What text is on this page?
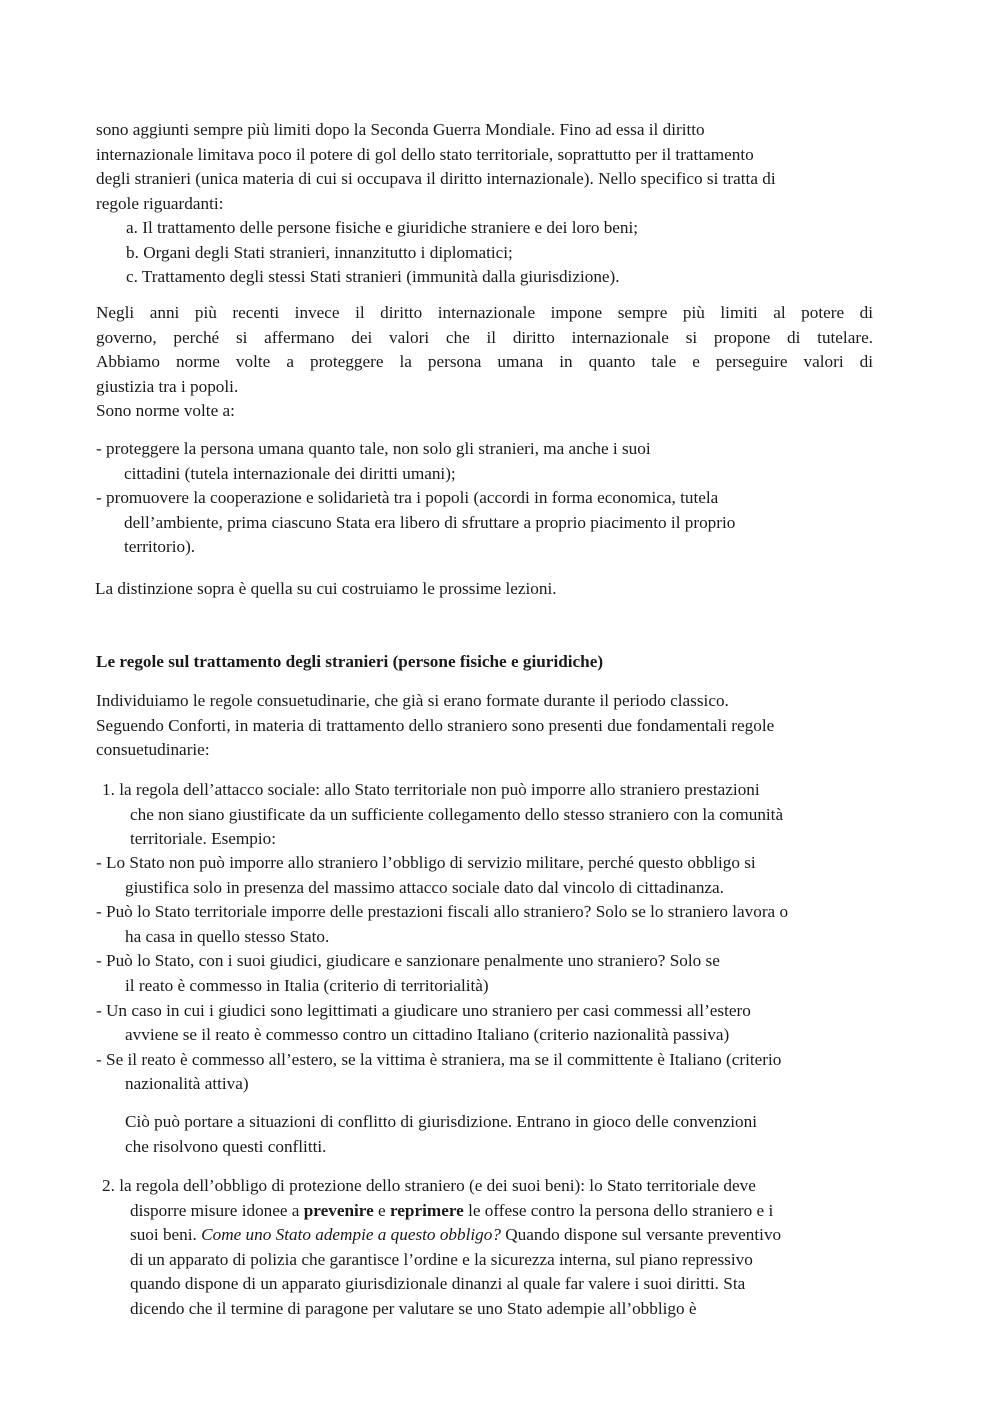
sono aggiunti sempre più limiti dopo la Seconda Guerra Mondiale. Fino ad essa il diritto
internazionale limitava poco il potere di gol dello stato territoriale, soprattutto per il trattamento
degli stranieri (unica materia di cui si occupava il diritto internazionale). Nello specifico si tratta di
regole riguardanti:
a. Il trattamento delle persone fisiche e giuridiche straniere e dei loro beni;
b. Organi degli Stati stranieri, innanzitutto i diplomatici;
c. Trattamento degli stessi Stati stranieri (immunità dalla giurisdizione).
Negli anni più recenti invece il diritto internazionale impone sempre più limiti al potere di
governo, perché si affermano dei valori che il diritto internazionale si propone di tutelare.
Abbiamo norme volte a proteggere la persona umana in quanto tale e perseguire valori di
giustizia tra i popoli.
Sono norme volte a:
- proteggere la persona umana quanto tale, non solo gli stranieri, ma anche i suoi
cittadini (tutela internazionale dei diritti umani);
- promuovere la cooperazione e solidarietà tra i popoli (accordi in forma economica, tutela
dell’ambiente, prima ciascuno Stata era libero di sfruttare a proprio piacimento il proprio
territorio).
La distinzione sopra è quella su cui costruiamo le prossime lezioni.
Le regole sul trattamento degli stranieri (persone fisiche e giuridiche)
Individuiamo le regole consuetudinarie, che già si erano formate durante il periodo classico.
Seguendo Conforti, in materia di trattamento dello straniero sono presenti due fondamentali regole
consuetudinarie:
1. la regola dell’attacco sociale: allo Stato territoriale non può imporre allo straniero prestazioni
che non siano giustificate da un sufficiente collegamento dello stesso straniero con la comunità
territoriale. Esempio:
- Lo Stato non può imporre allo straniero l’obbligo di servizio militare, perché questo obbligo si
giustifica solo in presenza del massimo attacco sociale dato dal vincolo di cittadinanza.
- Può lo Stato territoriale imporre delle prestazioni fiscali allo straniero? Solo se lo straniero lavora o
ha casa in quello stesso Stato.
- Può lo Stato, con i suoi giudici, giudicare e sanzionare penalmente uno straniero? Solo se
il reato è commesso in Italia (criterio di territorialità)
- Un caso in cui i giudici sono legittimati a giudicare uno straniero per casi commessi all’estero
avviene se il reato è commesso contro un cittadino Italiano (criterio nazionalità passiva)
- Se il reato è commesso all’estero, se la vittima è straniera, ma se il committente è Italiano (criterio
nazionalità attiva)
Ciò può portare a situazioni di conflitto di giurisdizione. Entrano in gioco delle convenzioni
che risolvono questi conflitti.
2. la regola dell’obbligo di protezione dello straniero (e dei suoi beni): lo Stato territoriale deve
disporre misure idonee a prevenire e reprimere le offese contro la persona dello straniero e i
suoi beni. Come uno Stato adempie a questo obbligo? Quando dispone sul versante preventivo
di un apparato di polizia che garantisce l’ordine e la sicurezza interna, sul piano repressivo
quando dispone di un apparato giurisdizionale dinanzi al quale far valere i suoi diritti. Sta
dicendo che il termine di paragone per valutare se uno Stato adempie all’obbligo è
